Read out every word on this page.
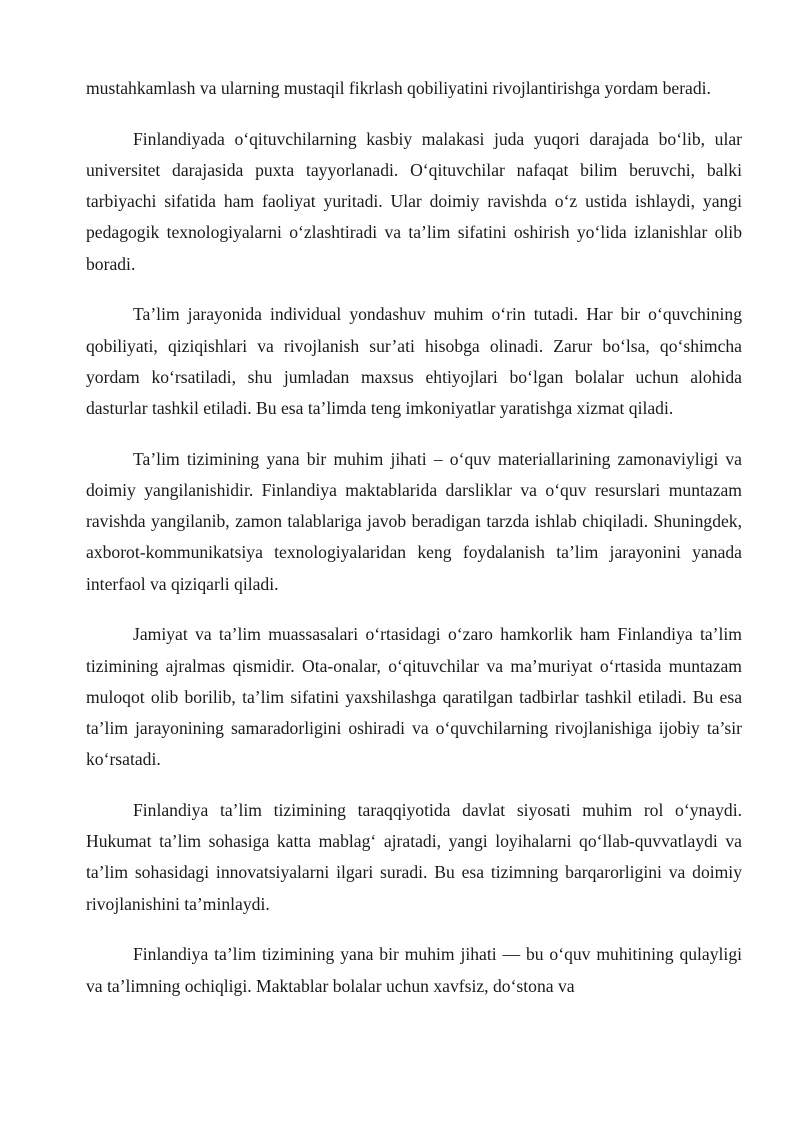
mustahkamlash va ularning mustaqil fikrlash qobiliyatini rivojlantirishga yordam beradi.

Finlandiyada o‘qituvchilarning kasbiy malakasi juda yuqori darajada bo‘lib, ular universitet darajasida puxta tayyorlanadi. O‘qituvchilar nafaqat bilim beruvchi, balki tarbiyachi sifatida ham faoliyat yuritadi. Ular doimiy ravishda o‘z ustida ishlaydi, yangi pedagogik texnologiyalarni o‘zlashtiradi va ta’lim sifatini oshirish yo‘lida izlanishlar olib boradi.

Ta’lim jarayonida individual yondashuv muhim o‘rin tutadi. Har bir o‘quvchining qobiliyati, qiziqishlari va rivojlanish sur’ati hisobga olinadi. Zarur bo‘lsa, qo‘shimcha yordam ko‘rsatiladi, shu jumladan maxsus ehtiyojlari bo‘lgan bolalar uchun alohida dasturlar tashkil etiladi. Bu esa ta’limda teng imkoniyatlar yaratishga xizmat qiladi.

Ta’lim tizimining yana bir muhim jihati – o‘quv materiallarining zamonaviyligi va doimiy yangilanishidir. Finlandiya maktablarida darsliklar va o‘quv resurslari muntazam ravishda yangilanib, zamon talablariga javob beradigan tarzda ishlab chiqiladi. Shuningdek, axborot-kommunikatsiya texnologiyalaridan keng foydalanish ta’lim jarayonini yanada interfaol va qiziqarli qiladi.

Jamiyat va ta’lim muassasalari o‘rtasidagi o‘zaro hamkorlik ham Finlandiya ta’lim tizimining ajralmas qismidir. Ota-onalar, o‘qituvchilar va ma’muriyat o‘rtasida muntazam muloqot olib borilib, ta’lim sifatini yaxshilashga qaratilgan tadbirlar tashkil etiladi. Bu esa ta’lim jarayonining samaradorligini oshiradi va o‘quvchilarning rivojlanishiga ijobiy ta’sir ko‘rsatadi.

Finlandiya ta’lim tizimining taraqqiyotida davlat siyosati muhim rol o‘ynaydi. Hukumat ta’lim sohasiga katta mablag‘ ajratadi, yangi loyihalarni qo‘llab-quvvatlaydi va ta’lim sohasidagi innovatsiyalarni ilgari suradi. Bu esa tizimning barqarorligini va doimiy rivojlanishini ta’minlaydi.

Finlandiya ta’lim tizimining yana bir muhim jihati — bu o‘quv muhitining qulayligi va ta’limning ochiqligi. Maktablar bolalar uchun xavfsiz, do‘stona va
